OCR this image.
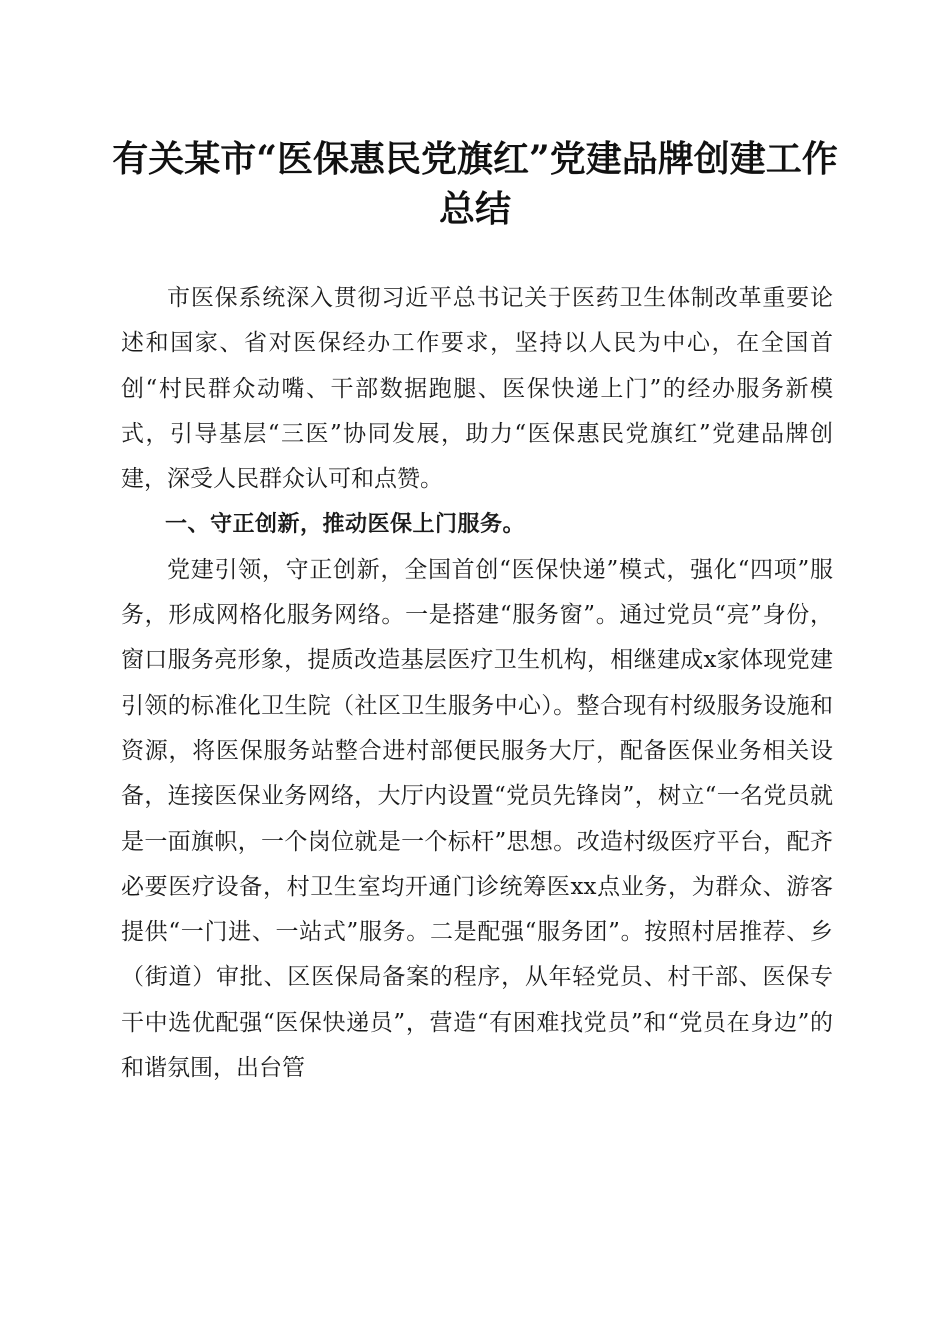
有关某市“医保惠民党旗红”党建品牌创建工作总结

市医保系统深入贯彻习近平总书记关于医药卫生体制改革重要论述和国家、省对医保经办工作要求，坚持以人民为中心，在全国首创“村民群众动嘴、干部数据跑腿、医保快递上门”的经办服务新模式，引导基层“三医”协同发展，助力“医保惠民党旗红”党建品牌创建，深受人民群众认可和点赞。

一、守正创新，推动医保上门服务。

党建引领，守正创新，全国首创“医保快递”模式，强化“四项”服务，形成网格化服务网络。一是搭建“服务窗”。通过党员“亮”身份，窗口服务亮形象，提质改造基层医疗卫生机构，相继建成x家体现党建引领的标准化卫生院（社区卫生服务中心）。整合现有村级服务设施和资源，将医保服务站整合进村部便民服务大厅，配备医保业务相关设备，连接医保业务网络，大厅内设置“党员先锋岗”，树立“一名党员就是一面旗帜，一个岗位就是一个标杆”思想。改造村级医疗平台，配齐必要医疗设备，村卫生室均开通门诊统筹医xx点业务，为群众、游客提供“一门进、一站式”服务。二是配强“服务团”。按照村居推荐、乡（街道）审批、区医保局备案的程序，从年轻党员、村干部、医保专干中选优配强“医保快递员”，营造“有困难找党员”和“党员在身边”的和谐氛围，出台管
